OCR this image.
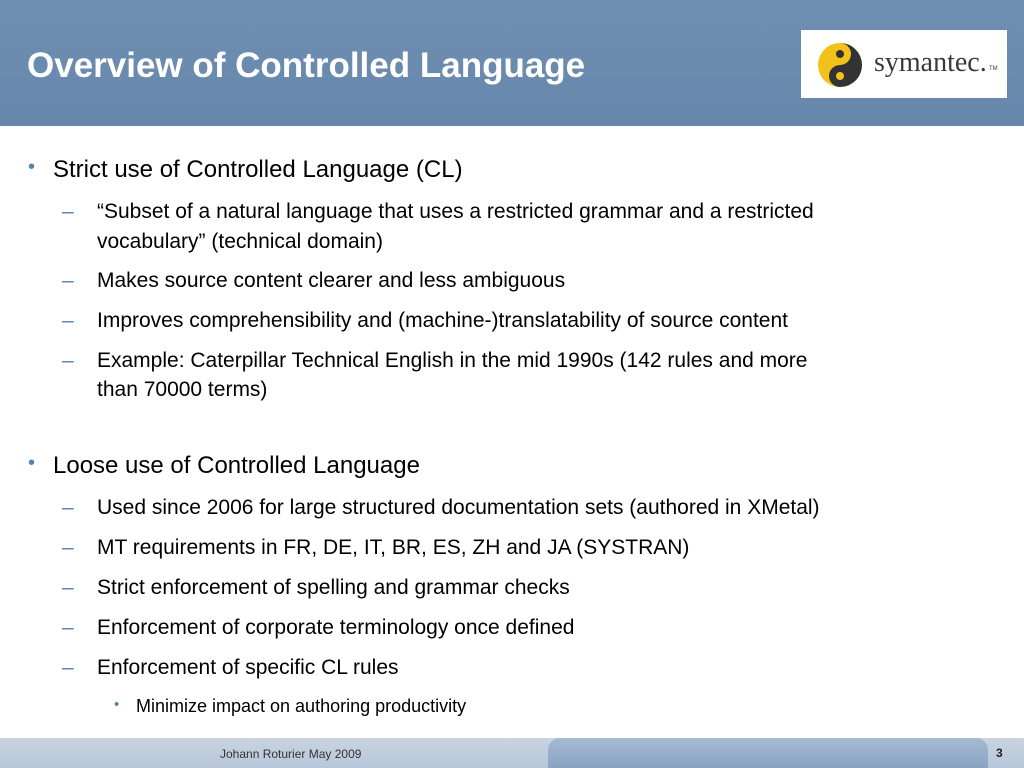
Overview of Controlled Language	symantec. TM
• Strict use of Controlled Language (CL)
– “Subset of a natural language that uses a restricted grammar and a restricted
vocabulary” (technical domain)
– Makes source content clearer and less ambiguous
– Improves comprehensibility and (machine-)translatability of source content
– Example: Caterpillar Technical English in the mid 1990s (142 rules and more
than 70000 terms)
• Loose use of Controlled Language
– Used since 2006 for large structured documentation sets (authored in XMetal)
– MT requirements in FR, DE, IT, BR, ES, ZH and JA (SYSTRAN)
– Strict enforcement of spelling and grammar checks
– Enforcement of corporate terminology once defined
– Enforcement of specific CL rules
• Minimize impact on authoring productivity
Johann Roturier May 2009	3
